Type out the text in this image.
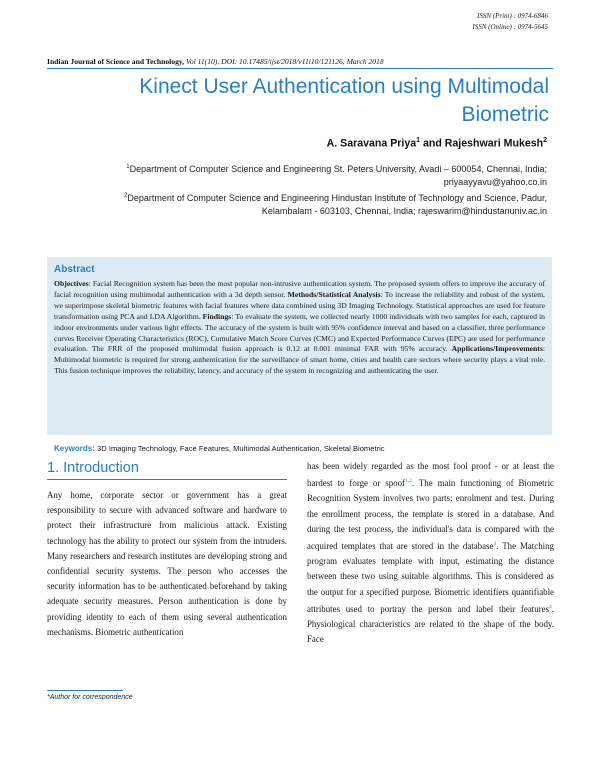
ISSN (Print) : 0974-6846
ISSN (Online) : 0974-5645
Indian Journal of Science and Technology, Vol 11(10), DOI: 10.17485/ijst/2018/v11i10/121126, March 2018
Kinect User Authentication using Multimodal Biometric
A. Saravana Priya$^1$ and Rajeshwari Mukesh$^2$

$^1$Department of Computer Science and Engineering St. Peters University, Avadi – 600054, Chennai, India;

priyaayyavu@yahoo.co.in

$^2$Department of Computer Science and Engineering Hindustan Institute of Technology and Science, Padur,

Kelambalam - 603103, Chennai, India; rajeswarim@hindustanuniv.ac.in

Abstract
Objectives: Facial Recognition system has been the most popular non-intrusive authentication system. The proposed system offers to improve the accuracy of facial recognition using multimodal authentication with a 3d depth sensor. Methods/Statistical Analysis: To increase the reliability and robust of the system, we superimpose skeletal biometric features with facial features where data combined using 3D Imaging Technology. Statistical approaches are used for feature transformation using PCA and LDA Algorithm. Findings: To evaluate the system, we collected nearly 1000 individuals with two samples for each, captured in indoor environments under various light effects. The accuracy of the system is built with 95% confidence interval and based on a classifier, three performance curves Receiver Operating Characteristics (ROC), Cumulative Match Score Curves (CMC) and Expected Performance Curves (EPC) are used for performance evaluation. The FRR of the proposed multimodal fusion approach is 0.12 at 0.001 minimal FAR with 95% accuracy. Applications/Improvements: Multimodal biometric is required for strong authentication for the surveillance of smart home, cities and health care sectors where security plays a vital role. This fusion technique improves the reliability, latency, and accuracy of the system in recognizing and authenticating the user.
Keywords: 3D Imaging Technology, Face Features, Multimodal Authentication, Skeletal Biometric
1. Introduction
Any home, corporate sector or government has a great responsibility to secure with advanced software and hardware to protect their infrastructure from malicious attack. Existing technology has the ability to protect our system from the intruders. Many researchers and research institutes are developing strong and confidential security systems. The person who accesses the security information has to be authenticated beforehand by taking adequate security measures. Person authentication is done by providing identity to each of them using several authentication mechanisms. Biometric authentication
has been widely regarded as the most fool proof - or at least the hardest to forge or spoof$^{1,2}$. The main functioning of Biometric Recognition System involves two parts; enrolment and test. During the enrollment process, the template is stored in a database. And during the test process, the individual's data is compared with the acquired templates that are stored in the database$^3$. The Matching program evaluates template with input, estimating the distance between these two using suitable algorithms. This is considered as the output for a specified purpose. Biometric identifiers quantifiable attributes used to portray the person and label their features$^4$. Physiological characteristics are related to the shape of the body. Face
*Author for correspondence
